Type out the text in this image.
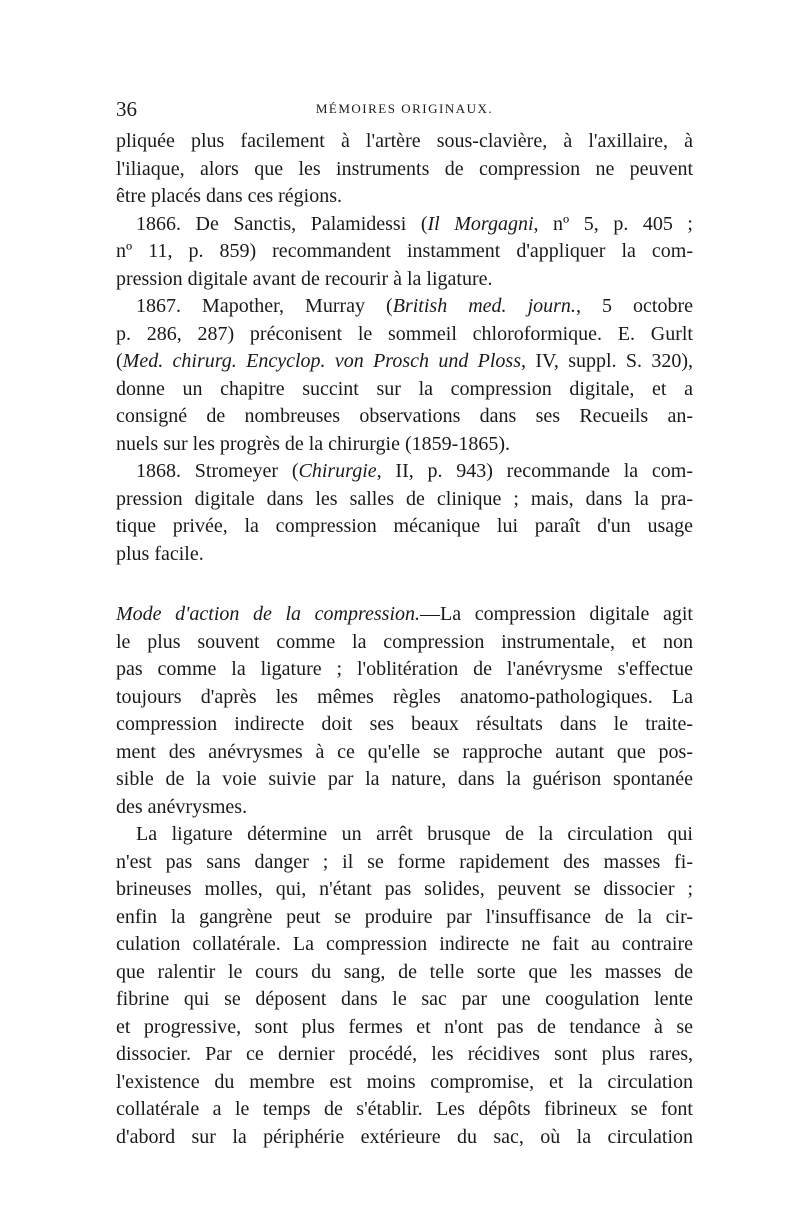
36	MÉMOIRES ORIGINAUX.
pliquée plus facilement à l'artère sous-clavière, à l'axillaire, à
l'iliaque, alors que les instruments de compression ne peuvent
être placés dans ces régions.
1866. De Sanctis, Palamidessi (Il Morgagni, nº 5, p. 405 ;
nº 11, p. 859) recommandent instamment d'appliquer la com-
pression digitale avant de recourir à la ligature.
1867. Mapother, Murray (British med. journ., 5 octobre
p. 286, 287) préconisent le sommeil chloroformique. E. Gurlt
(Med. chirurg. Encyclop. von Prosch und Ploss, IV, suppl. S. 320),
donne un chapitre succint sur la compression digitale, et a
consigné de nombreuses observations dans ses Recueils an-
nuels sur les progrès de la chirurgie (1859-1865).
1868. Stromeyer (Chirurgie, II, p. 943) recommande la com-
pression digitale dans les salles de clinique ; mais, dans la pra-
tique privée, la compression mécanique lui paraît d'un usage
plus facile.
Mode d'action de la compression.—La compression digitale agit
le plus souvent comme la compression instrumentale, et non
pas comme la ligature ; l'oblitération de l'anévrysme s'effectue
toujours d'après les mêmes règles anatomo-pathologiques. La
compression indirecte doit ses beaux résultats dans le traite-
ment des anévrysmes à ce qu'elle se rapproche autant que pos-
sible de la voie suivie par la nature, dans la guérison spontanée
des anévrysmes.
La ligature détermine un arrêt brusque de la circulation qui
n'est pas sans danger ; il se forme rapidement des masses fi-
brineuses molles, qui, n'étant pas solides, peuvent se dissocier ;
enfin la gangrène peut se produire par l'insuffisance de la cir-
culation collatérale. La compression indirecte ne fait au contraire
que ralentir le cours du sang, de telle sorte que les masses de
fibrine qui se déposent dans le sac par une coogulation lente
et progressive, sont plus fermes et n'ont pas de tendance à se
dissocier. Par ce dernier procédé, les récidives sont plus rares,
l'existence du membre est moins compromise, et la circulation
collatérale a le temps de s'établir. Les dépôts fibrineux se font
d'abord sur la périphérie extérieure du sac, où la circulation
